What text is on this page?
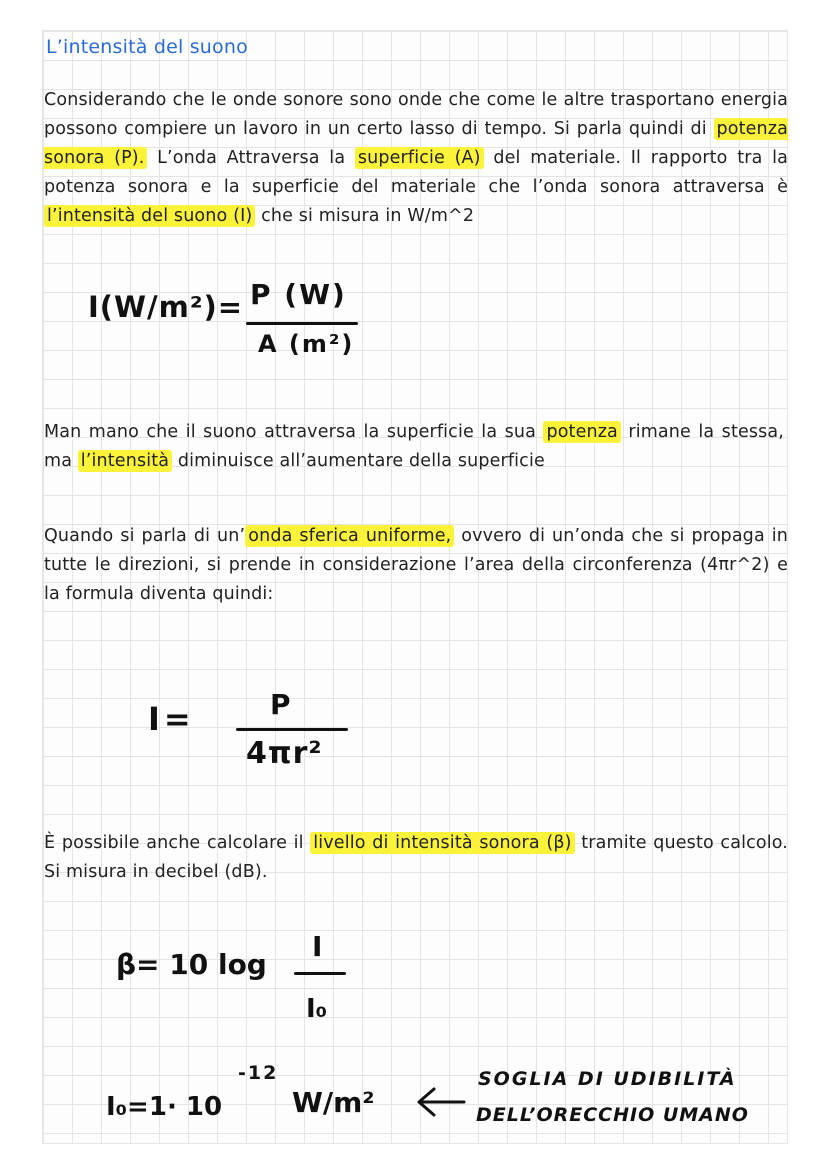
L’intensità del suono
Considerando che le onde sonore sono onde che come le altre trasportano energia possono compiere un lavoro in un certo lasso di tempo. Si parla quindi di potenza sonora (P). L’onda Attraversa la superficie (A) del materiale. Il rapporto tra la potenza sonora e la superficie del materiale che l’onda sonora attraversa è l’intensità del suono (I) che si misura in W/m^2
I(W/m²)= P (W)
A (m²)
Man mano che il suono attraversa la superficie la sua potenza rimane la stessa, ma l’intensità diminuisce all’aumentare della superficie
Quando si parla di un’ onda sferica uniforme, ovvero di un’onda che si propaga in tutte le direzioni, si prende in considerazione l’area della circonferenza (4πr^2) e la formula diventa quindi:
I=	P
4πr²
È possibile anche calcolare il livello di intensità sonora (β) tramite questo calcolo. Si misura in decibel (dB).
β= 10 log
I
I₀
I₀=1· 10
-12
W/m²
SOGLIA DI UDIBILITÀ
DELL’ORECCHIO UMANO
